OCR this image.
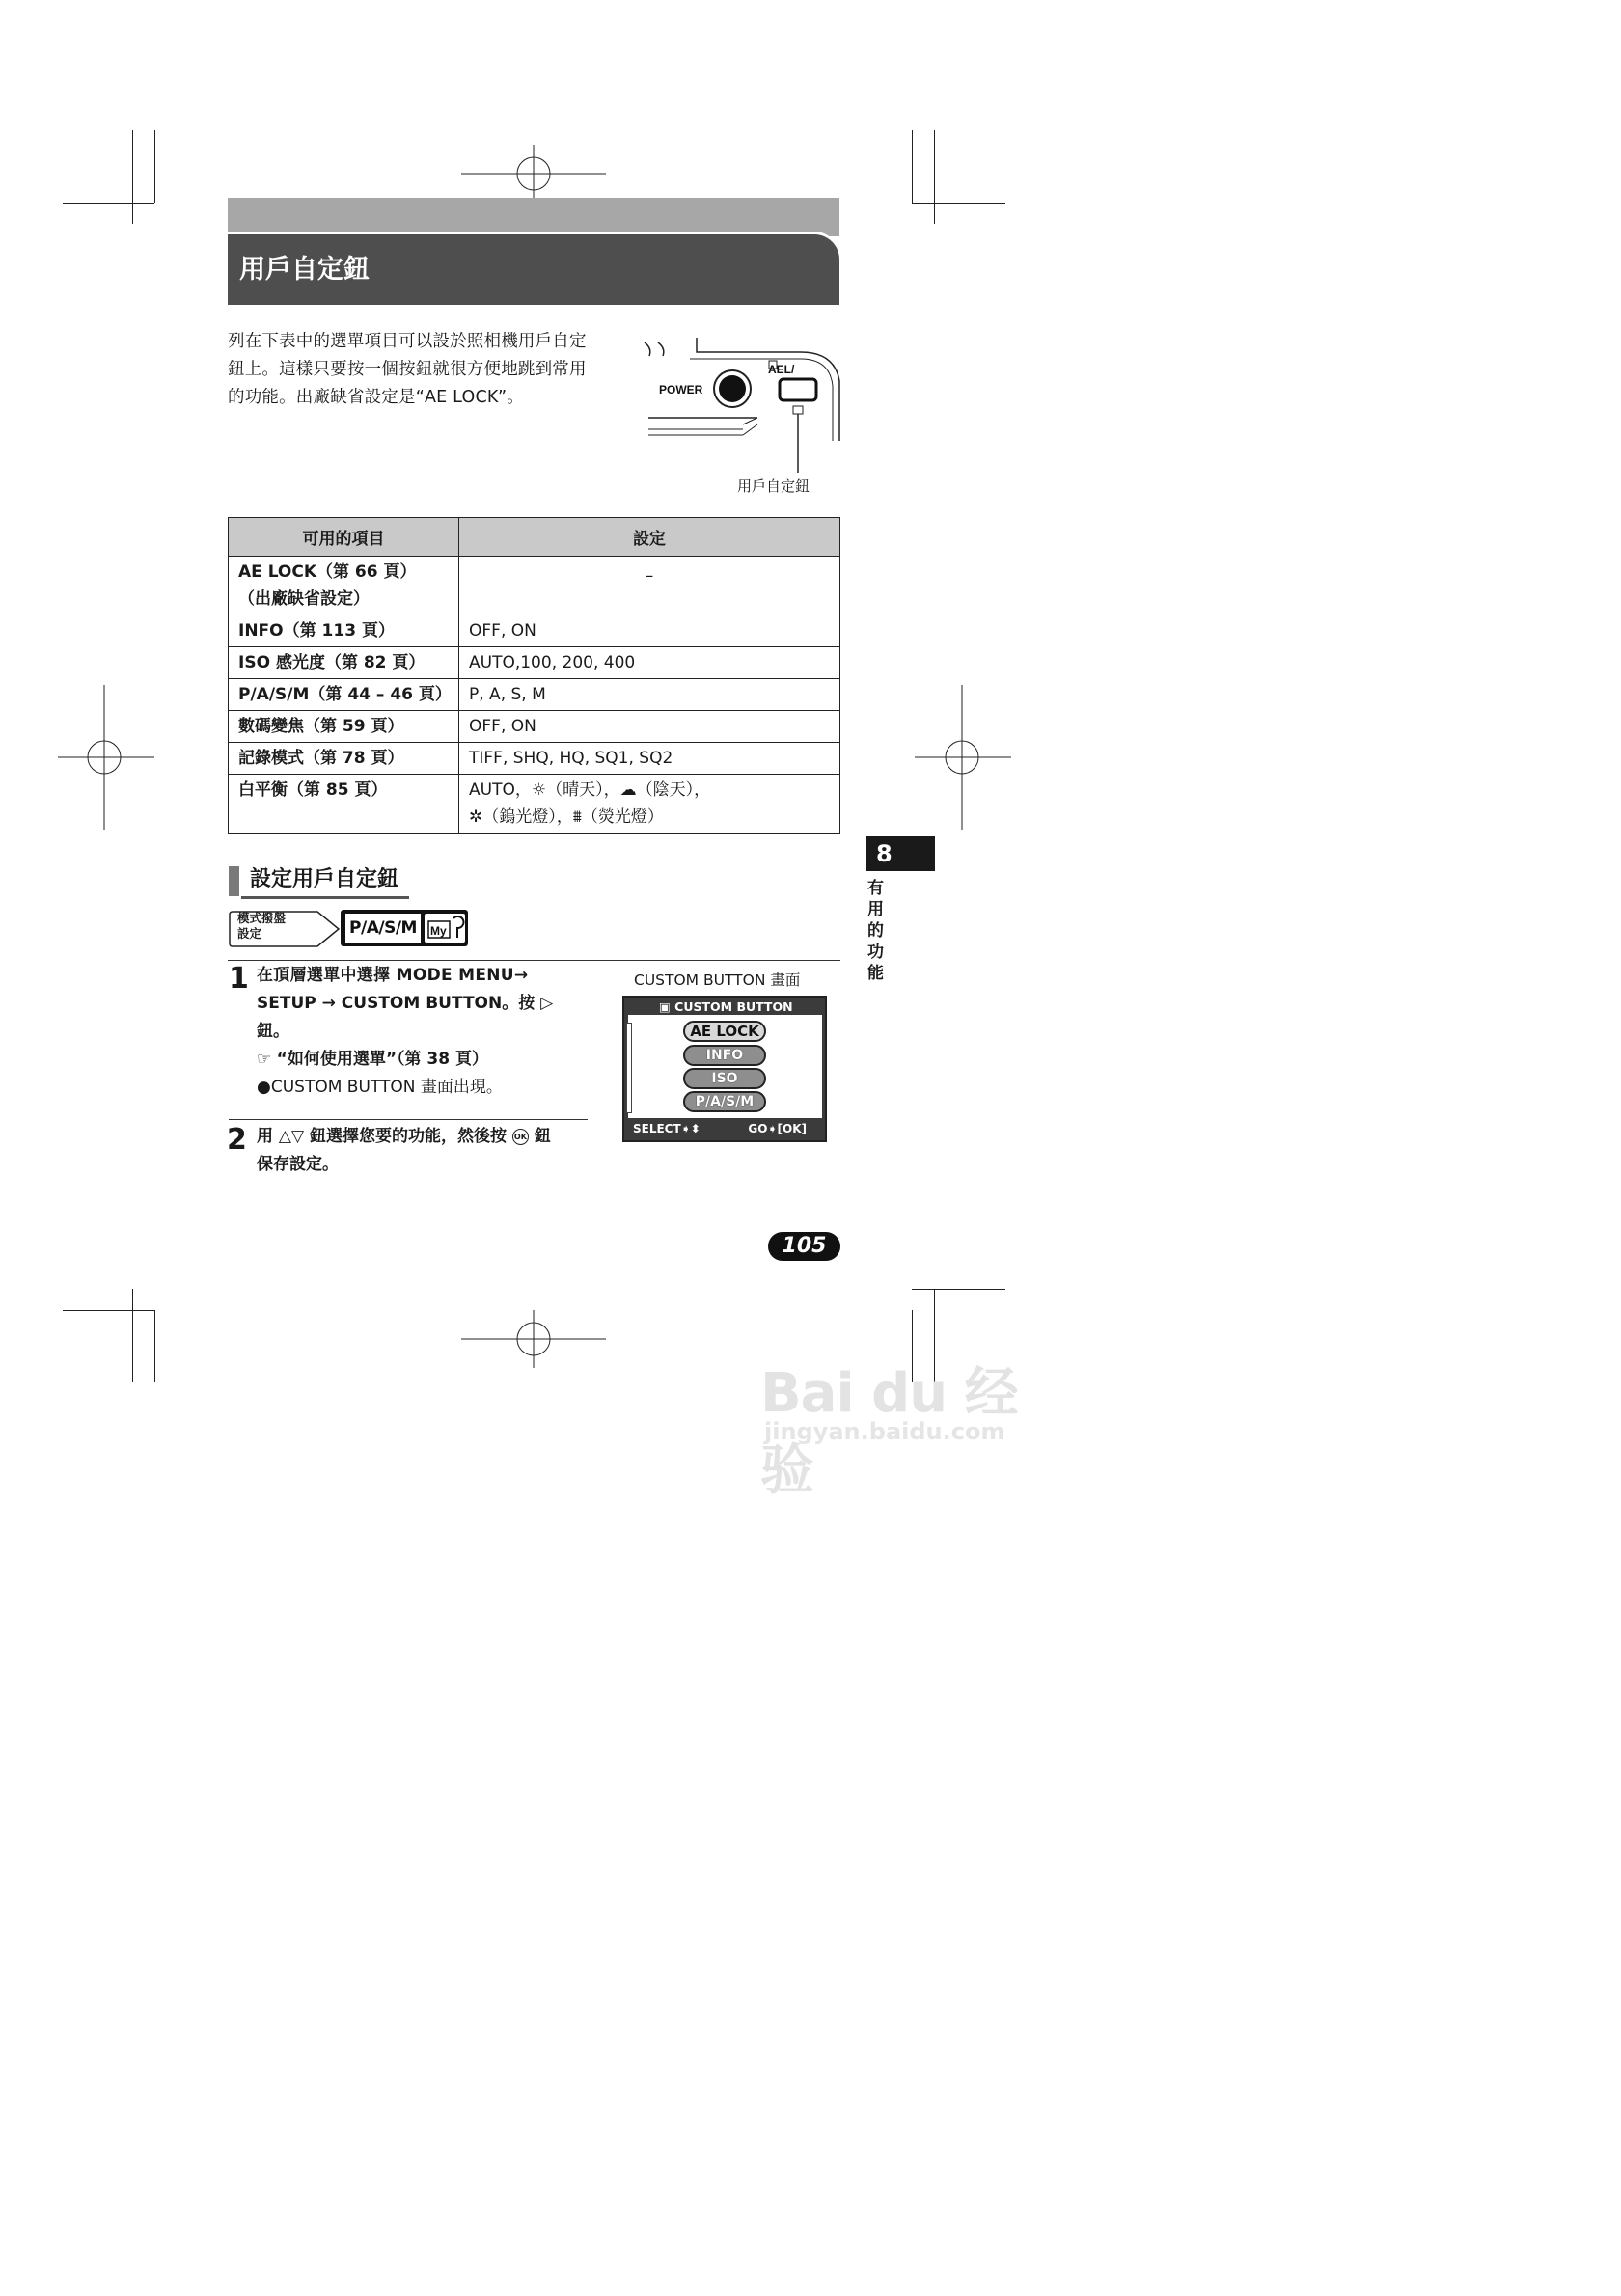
用戶自定鈕
列在下表中的選單項目可以設於照相機用戶自定
鈕上。這樣只要按一個按鈕就很方便地跳到常用
的功能。出廠缺省設定是“AE LOCK”。	POWER
AEL/
用戶自定鈕
可用的項目	設定

AE LOCK（第 66 頁）
（出廠缺省設定）	–
INFO（第 113 頁）	OFF, ON
ISO 感光度（第 82 頁）	AUTO,100, 200, 400
P/A/S/M（第 44 – 46 頁）	P, A, S, M
數碼變焦（第 59 頁）	OFF, ON
記錄模式（第 78 頁）	TIFF, SHQ, HQ, SQ1, SQ2
白平衡（第 85 頁）	AUTO，☼（晴天），☁（陰天），
✲（鎢光燈），⩩（熒光燈）
8
有用的功能
設定用戶自定鈕
模式撥盤
設定	P/A/S/M	My
1 在頂層選單中選擇 MODE MENU→
SETUP → CUSTOM BUTTON。按 ▷
鈕。
☞ “如何使用選單”（第 38 頁）
●CUSTOM BUTTON 畫面出現。
2 用 △▽ 鈕選擇您要的功能，然後按 OK 鈕
保存設定。
CUSTOM BUTTON 畫面
▣ CUSTOM BUTTON
AE LOCK
INFO
ISO
P/A/S/M
SELECT➧⬍	GO➧[OK]
105
Bai du 经验
jingyan.baidu.com
